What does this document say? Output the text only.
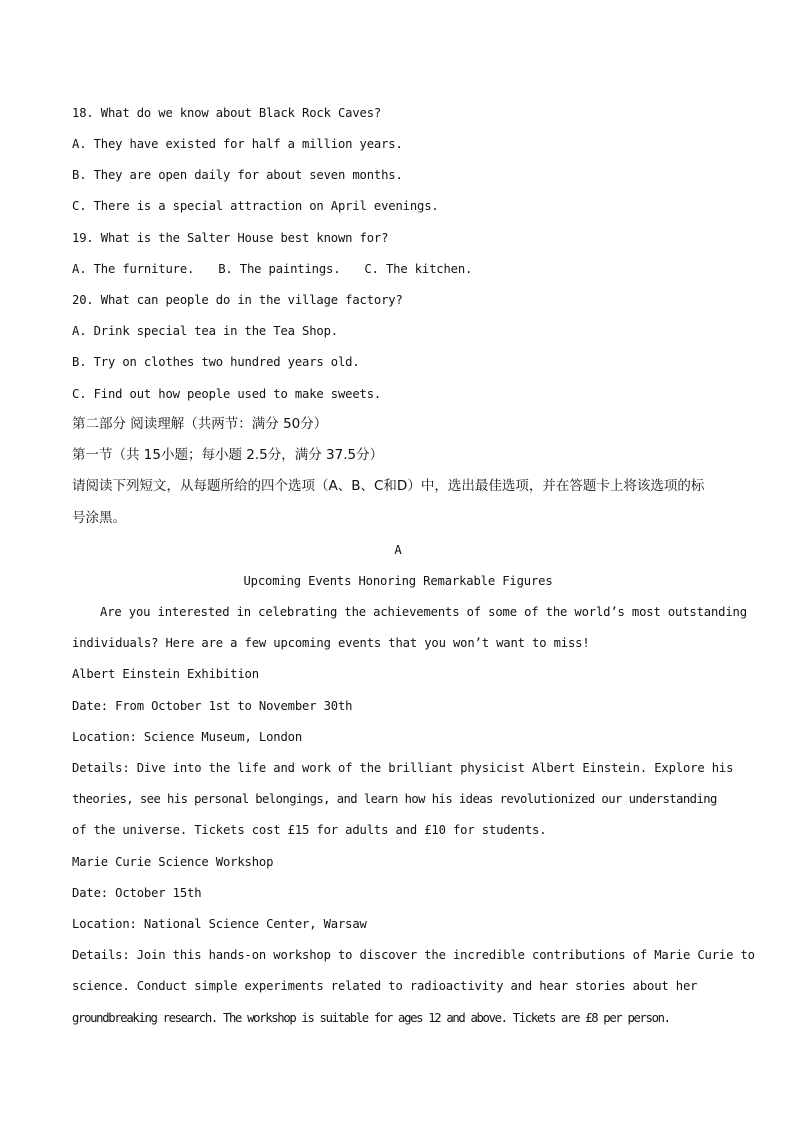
18. What do we know about Black Rock Caves?
A. They have existed for half a million years.
B. They are open daily for about seven months.
C. There is a special attraction on April evenings.
19. What is the Salter House best known for?
A. The furniture. B. The paintings. C. The kitchen.
20. What can people do in the village factory?
A. Drink special tea in the Tea Shop.
B. Try on clothes two hundred years old.
C. Find out how people used to make sweets.
第二部分 阅读理解（共两节：满分 50分）
第一节（共 15小题；每小题 2.5分，满分 37.5分）
请阅读下列短文，从每题所给的四个选项（A、B、C和D）中，选出最佳选项，并在答题卡上将该选项的标
号涂黑。
A
Upcoming Events Honoring Remarkable Figures
Are you interested in celebrating the achievements of some of the world’s most outstanding
individuals? Here are a few upcoming events that you won’t want to miss!
Albert Einstein Exhibition
Date: From October 1st to November 30th
Location: Science Museum, London
Details: Dive into the life and work of the brilliant physicist Albert Einstein. Explore his
theories, see his personal belongings, and learn how his ideas revolutionized our understanding
of the universe. Tickets cost £15 for adults and £10 for students.
Marie Curie Science Workshop
Date: October 15th
Location: National Science Center, Warsaw
Details: Join this hands-on workshop to discover the incredible contributions of Marie Curie to
science. Conduct simple experiments related to radioactivity and hear stories about her
groundbreaking research. The workshop is suitable for ages 12 and above. Tickets are £8 per person.
